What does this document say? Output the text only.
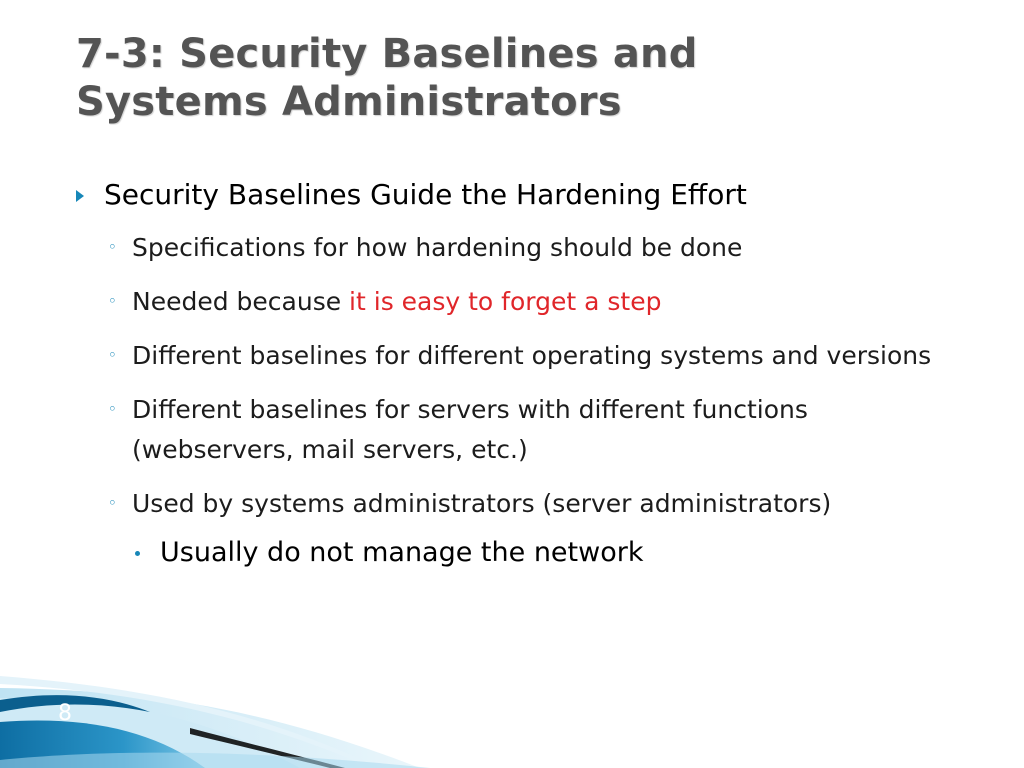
7-3: Security Baselines and
Systems Administrators
Security Baselines Guide the Hardening Effort
◦ Specifications for how hardening should be done
◦ Needed because it is easy to forget a step
◦ Different baselines for different operating systems and versions
◦ Different baselines for servers with different functions (webservers, mail servers, etc.)
◦ Used by systems administrators (server administrators)
Usually do not manage the network
8
